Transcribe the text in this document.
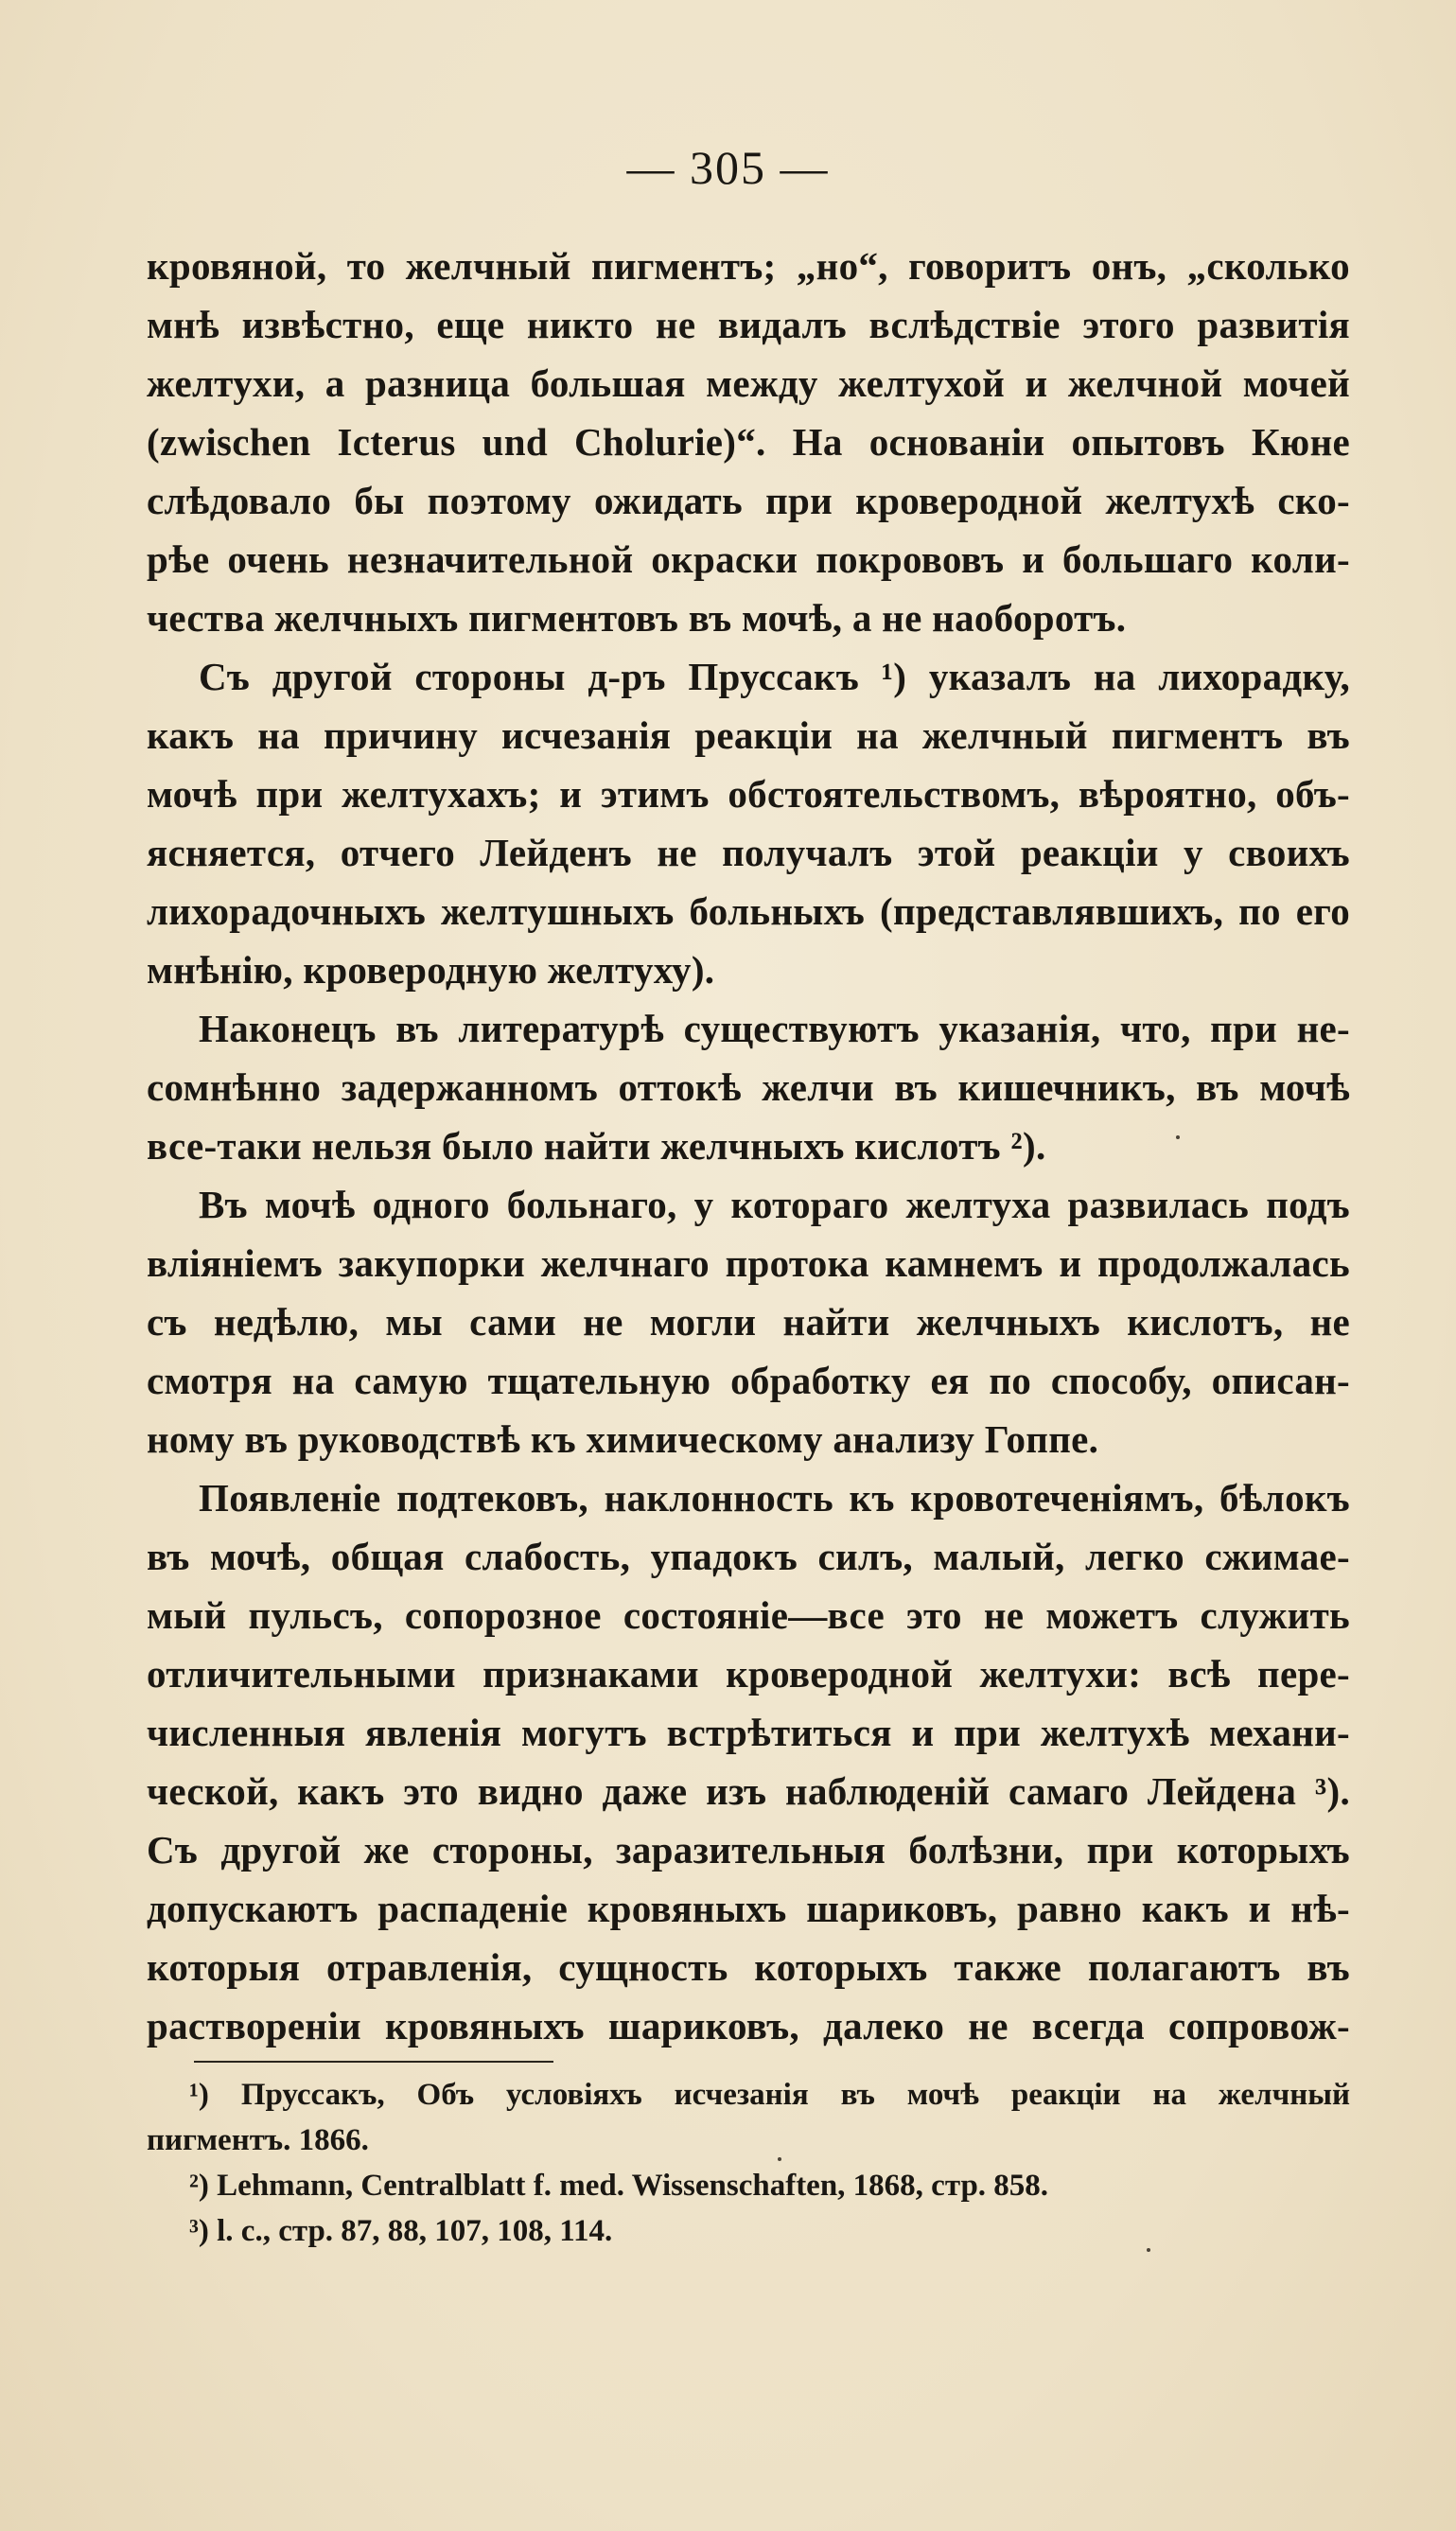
— 305 —
кровяной, то желчный пигментъ; „но“, говоритъ онъ, „сколько
мнѣ извѣстно, еще никто не видалъ вслѣдствіе этого развитія
желтухи, а разница большая между желтухой и желчной мочей
(zwischen Icterus und Cholurie)“. На основаніи опытовъ Кюне
слѣдовало бы поэтому ожидать при кроверодной желтухѣ ско-
рѣе очень незначительной окраски покрововъ и большаго коли-
чества желчныхъ пигментовъ въ мочѣ, а не наоборотъ.
Съ другой стороны д-ръ Пруссакъ ¹) указалъ на лихорадку,
какъ на причину исчезанія реакціи на желчный пигментъ въ
мочѣ при желтухахъ; и этимъ обстоятельствомъ, вѣроятно, объ-
ясняется, отчего Лейденъ не получалъ этой реакціи у своихъ
лихорадочныхъ желтушныхъ больныхъ (представлявшихъ, по его
мнѣнію, кроверодную желтуху).
Наконецъ въ литературѣ существуютъ указанія, что, при не-
сомнѣнно задержанномъ оттокѣ желчи въ кишечникъ, въ мочѣ
все-таки нельзя было найти желчныхъ кислотъ ²).
Въ мочѣ одного больнаго, у котораго желтуха развилась подъ
вліяніемъ закупорки желчнаго протока камнемъ и продолжалась
съ недѣлю, мы сами не могли найти желчныхъ кислотъ, не
смотря на самую тщательную обработку ея по способу, описан-
ному въ руководствѣ къ химическому анализу Гоппе.
Появленіе подтековъ, наклонность къ кровотеченіямъ, бѣлокъ
въ мочѣ, общая слабость, упадокъ силъ, малый, легко сжимае-
мый пульсъ, сопорозное состояніе—все это не можетъ служить
отличительными признаками кроверодной желтухи: всѣ пере-
численныя явленія могутъ встрѣтиться и при желтухѣ механи-
ческой, какъ это видно даже изъ наблюденій самаго Лейдена ³).
Съ другой же стороны, заразительныя болѣзни, при которыхъ
допускаютъ распаденіе кровяныхъ шариковъ, равно какъ и нѣ-
которыя отравленія, сущность которыхъ также полагаютъ въ
раствореніи кровяныхъ шариковъ, далеко не всегда сопровож-
¹) Пруссакъ, Объ условіяхъ исчезанія въ мочѣ реакціи на желчный
пигментъ. 1866.
²) Lehmann, Centralblatt f. med. Wissenschaften, 1868, стр. 858.
³) l. c., стр. 87, 88, 107, 108, 114.
